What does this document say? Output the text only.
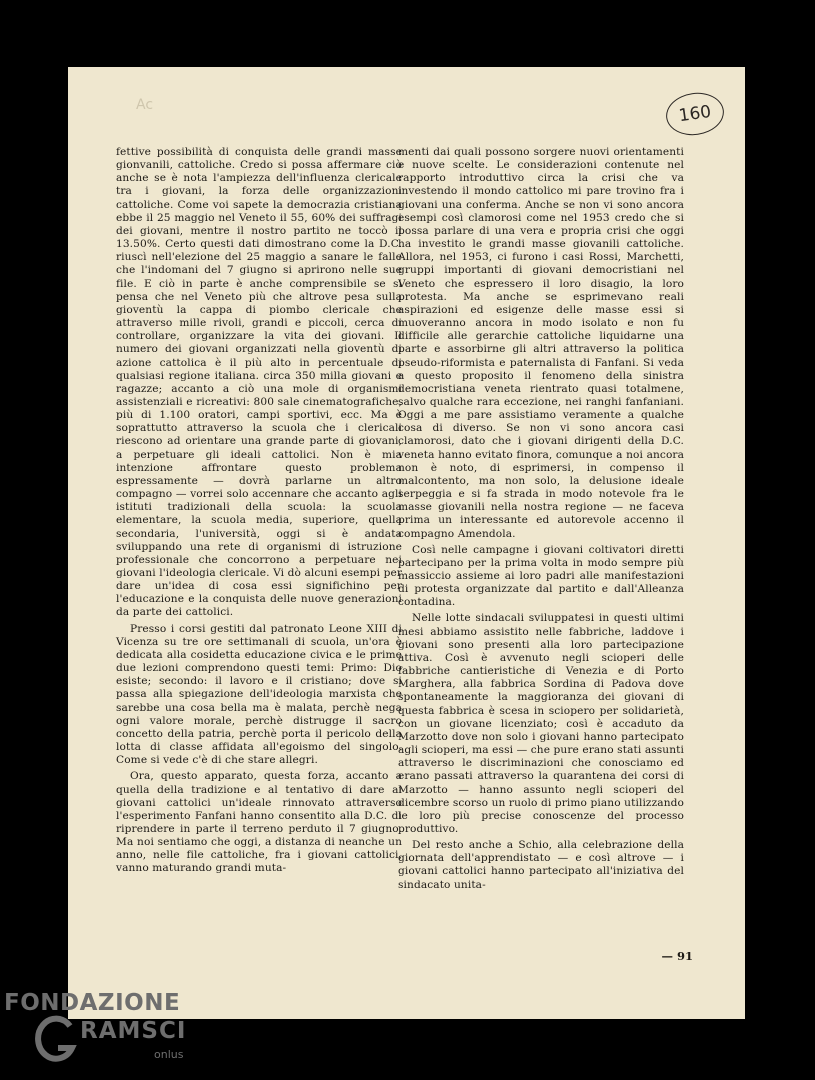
Ac	160

fettive possibilità di conquista delle grandi masse gionvanili, cattoliche. Credo si possa affermare ciò anche se è nota l'ampiezza dell'influenza clericale tra i giovani, la forza delle organizzazioni cattoliche. Come voi sapete la democrazia cristiana ebbe il 25 maggio nel Veneto il 55, 60% dei suffragi dei giovani, mentre il nostro partito ne toccò il 13.50%. Certo questi dati dimostrano come la D.C. riuscì nell'elezione del 25 maggio a sanare le falle che l'indomani del 7 giugno si aprirono nelle sue file. E ciò in parte è anche comprensibile se si pensa che nel Veneto più che altrove pesa sulla gioventù la cappa di piombo clericale che attraverso mille rivoli, grandi e piccoli, cerca di controllare, organizzare la vita dei giovani. Il numero dei giovani organizzati nella gioventù di azione cattolica è il più alto in percentuale di qualsiasi regione italiana. circa 350 milla giovani e ragazze; accanto a ciò una mole di organismi assistenziali e ricreativi: 800 sale cinematografiche, più di 1.100 oratori, campi sportivi, ecc. Ma è soprattutto attraverso la scuola che i clericali riescono ad orientare una grande parte di giovani, a perpetuare gli ideali cattolici. Non è mia intenzione affrontare questo problema espressamente — dovrà parlarne un altro compagno — vorrei solo accennare che accanto agli istituti tradizionali della scuola: la scuola elementare, la scuola media, superiore, quella secondaria, l'università, oggi si è andata sviluppando una rete di organismi di istruzione professionale che concorrono a perpetuare nei giovani l'ideologia clericale. Vi dò alcuni esempi per dare un'idea di cosa essi significhino per l'educazione e la conquista delle nuove generazioni da parte dei cattolici.

Presso i corsi gestiti dal patronato Leone XIII di Vicenza su tre ore settimanali di scuola, un'ora è dedicata alla cosidetta educazione civica e le prime due lezioni comprendono questi temi: Primo: Dio esiste; secondo: il lavoro e il cristiano; dove si passa alla spiegazione dell'ideologia marxista che sarebbe una cosa bella ma è malata, perchè nega ogni valore morale, perchè distrugge il sacro concetto della patria, perchè porta il pericolo della lotta di classe affidata all'egoismo del singolo. Come si vede c'è di che stare allegri.

Ora, questo apparato, questa forza, accanto a quella della tradizione e al tentativo di dare ai giovani cattolici un'ideale rinnovato attraverso l'esperimento Fanfani hanno consentito alla D.C. di riprendere in parte il terreno perduto il 7 giugno. Ma noi sentiamo che oggi, a distanza di neanche un anno, nelle file cattoliche, fra i giovani cattolici, vanno maturando grandi muta-

menti dai quali possono sorgere nuovi orientamenti e nuove scelte. Le considerazioni contenute nel rapporto introduttivo circa la crisi che va investendo il mondo cattolico mi pare trovino fra i giovani una conferma. Anche se non vi sono ancora esempi così clamorosi come nel 1953 credo che si possa parlare di una vera e propria crisi che oggi ha investito le grandi masse giovanili cattoliche. Allora, nel 1953, ci furono i casi Rossi, Marchetti, gruppi importanti di giovani democristiani nel Veneto che espressero il loro disagio, la loro protesta. Ma anche se esprimevano reali aspirazioni ed esigenze delle masse essi si muoveranno ancora in modo isolato e non fu difficile alle gerarchie cattoliche liquidarne una parte e assorbirne gli altri attraverso la politica pseudo-riformista e paternalista di Fanfani. Si veda a questo proposito il fenomeno della sinistra democristiana veneta rientrato quasi totalmene, salvo qualche rara eccezione, nei ranghi fanfaniani. Oggi a me pare assistiamo veramente a qualche cosa di diverso. Se non vi sono ancora casi clamorosi, dato che i giovani dirigenti della D.C. veneta hanno evitato finora, comunque a noi ancora non è noto, di esprimersi, in compenso il malcontento, ma non solo, la delusione ideale serpeggia e si fa strada in modo notevole fra le masse giovanili nella nostra regione — ne faceva prima un interessante ed autorevole accenno il compagno Amendola.

Così nelle campagne i giovani coltivatori diretti partecipano per la prima volta in modo sempre più massiccio assieme ai loro padri alle manifestazioni di protesta organizzate dal partito e dall'Alleanza contadina.

Nelle lotte sindacali sviluppatesi in questi ultimi mesi abbiamo assistito nelle fabbriche, laddove i giovani sono presenti alla loro partecipazione attiva. Così è avvenuto negli scioperi delle fabbriche cantieristiche di Venezia e di Porto Marghera, alla fabbrica Sordina di Padova dove spontaneamente la maggioranza dei giovani di questa fabbrica è scesa in sciopero per solidarietà, con un giovane licenziato; così è accaduto da Marzotto dove non solo i giovani hanno partecipato agli scioperi, ma essi — che pure erano stati assunti attraverso le discriminazioni che conosciamo ed erano passati attraverso la quarantena dei corsi di Marzotto — hanno assunto negli scioperi del dicembre scorso un ruolo di primo piano utilizzando le loro più precise conoscenze del processo produttivo.

Del resto anche a Schio, alla celebrazione della giornata dell'apprendistato — e così altrove — i giovani cattolici hanno partecipato all'iniziativa del sindacato unita-

— 91
FONDAZIONE
RAMSCI
onlus
